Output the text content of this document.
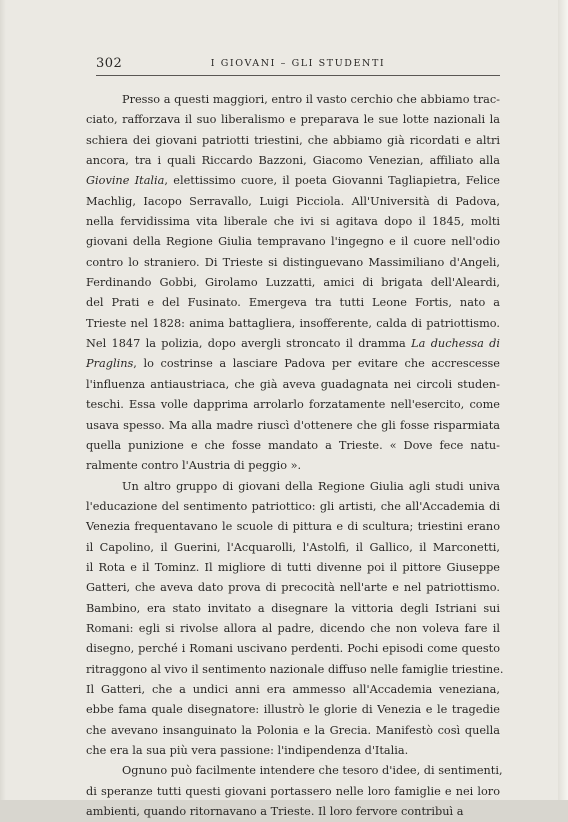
302	I GIOVANI – GLI STUDENTI
Presso a questi maggiori, entro il vasto cerchio che abbiamo trac-
ciato, rafforzava il suo liberalismo e preparava le sue lotte nazionali la
schiera dei giovani patriotti triestini, che abbiamo già ricordati e altri
ancora, tra i quali Riccardo Bazzoni, Giacomo Venezian, affiliato alla
Giovine Italia, elettissimo cuore, il poeta Giovanni Tagliapietra, Felice
Machlig, Iacopo Serravallo, Luigi Picciola. All'Università di Padova,
nella fervidissima vita liberale che ivi si agitava dopo il 1845, molti
giovani della Regione Giulia tempravano l'ingegno e il cuore nell'odio
contro lo straniero. Di Trieste si distinguevano Massimiliano d'Angeli,
Ferdinando Gobbi, Girolamo Luzzatti, amici di brigata dell'Aleardi,
del Prati e del Fusinato. Emergeva tra tutti Leone Fortis, nato a
Trieste nel 1828: anima battagliera, insofferente, calda di patriottismo.
Nel 1847 la polizia, dopo avergli stroncato il dramma La duchessa di
Praglins, lo costrinse a lasciare Padova per evitare che accrescesse
l'influenza antiaustriaca, che già aveva guadagnata nei circoli studen-
teschi. Essa volle dapprima arrolarlo forzatamente nell'esercito, come
usava spesso. Ma alla madre riuscì d'ottenere che gli fosse risparmiata
quella punizione e che fosse mandato a Trieste. « Dove fece natu-
ralmente contro l'Austria di peggio ».
Un altro gruppo di giovani della Regione Giulia agli studi univa
l'educazione del sentimento patriottico: gli artisti, che all'Accademia di
Venezia frequentavano le scuole di pittura e di scultura; triestini erano
il Capolino, il Guerini, l'Acquarolli, l'Astolfi, il Gallico, il Marconetti,
il Rota e il Tominz. Il migliore di tutti divenne poi il pittore Giuseppe
Gatteri, che aveva dato prova di precocità nell'arte e nel patriottismo.
Bambino, era stato invitato a disegnare la vittoria degli Istriani sui
Romani: egli si rivolse allora al padre, dicendo che non voleva fare il
disegno, perché i Romani uscivano perdenti. Pochi episodi come questo
ritraggono al vivo il sentimento nazionale diffuso nelle famiglie triestine.
Il Gatteri, che a undici anni era ammesso all'Accademia veneziana,
ebbe fama quale disegnatore: illustrò le glorie di Venezia e le tragedie
che avevano insanguinato la Polonia e la Grecia. Manifestò così quella
che era la sua più vera passione: l'indipendenza d'Italia.
Ognuno può facilmente intendere che tesoro d'idee, di sentimenti,
di speranze tutti questi giovani portassero nelle loro famiglie e nei loro
ambienti, quando ritornavano a Trieste. Il loro fervore contribuì a
